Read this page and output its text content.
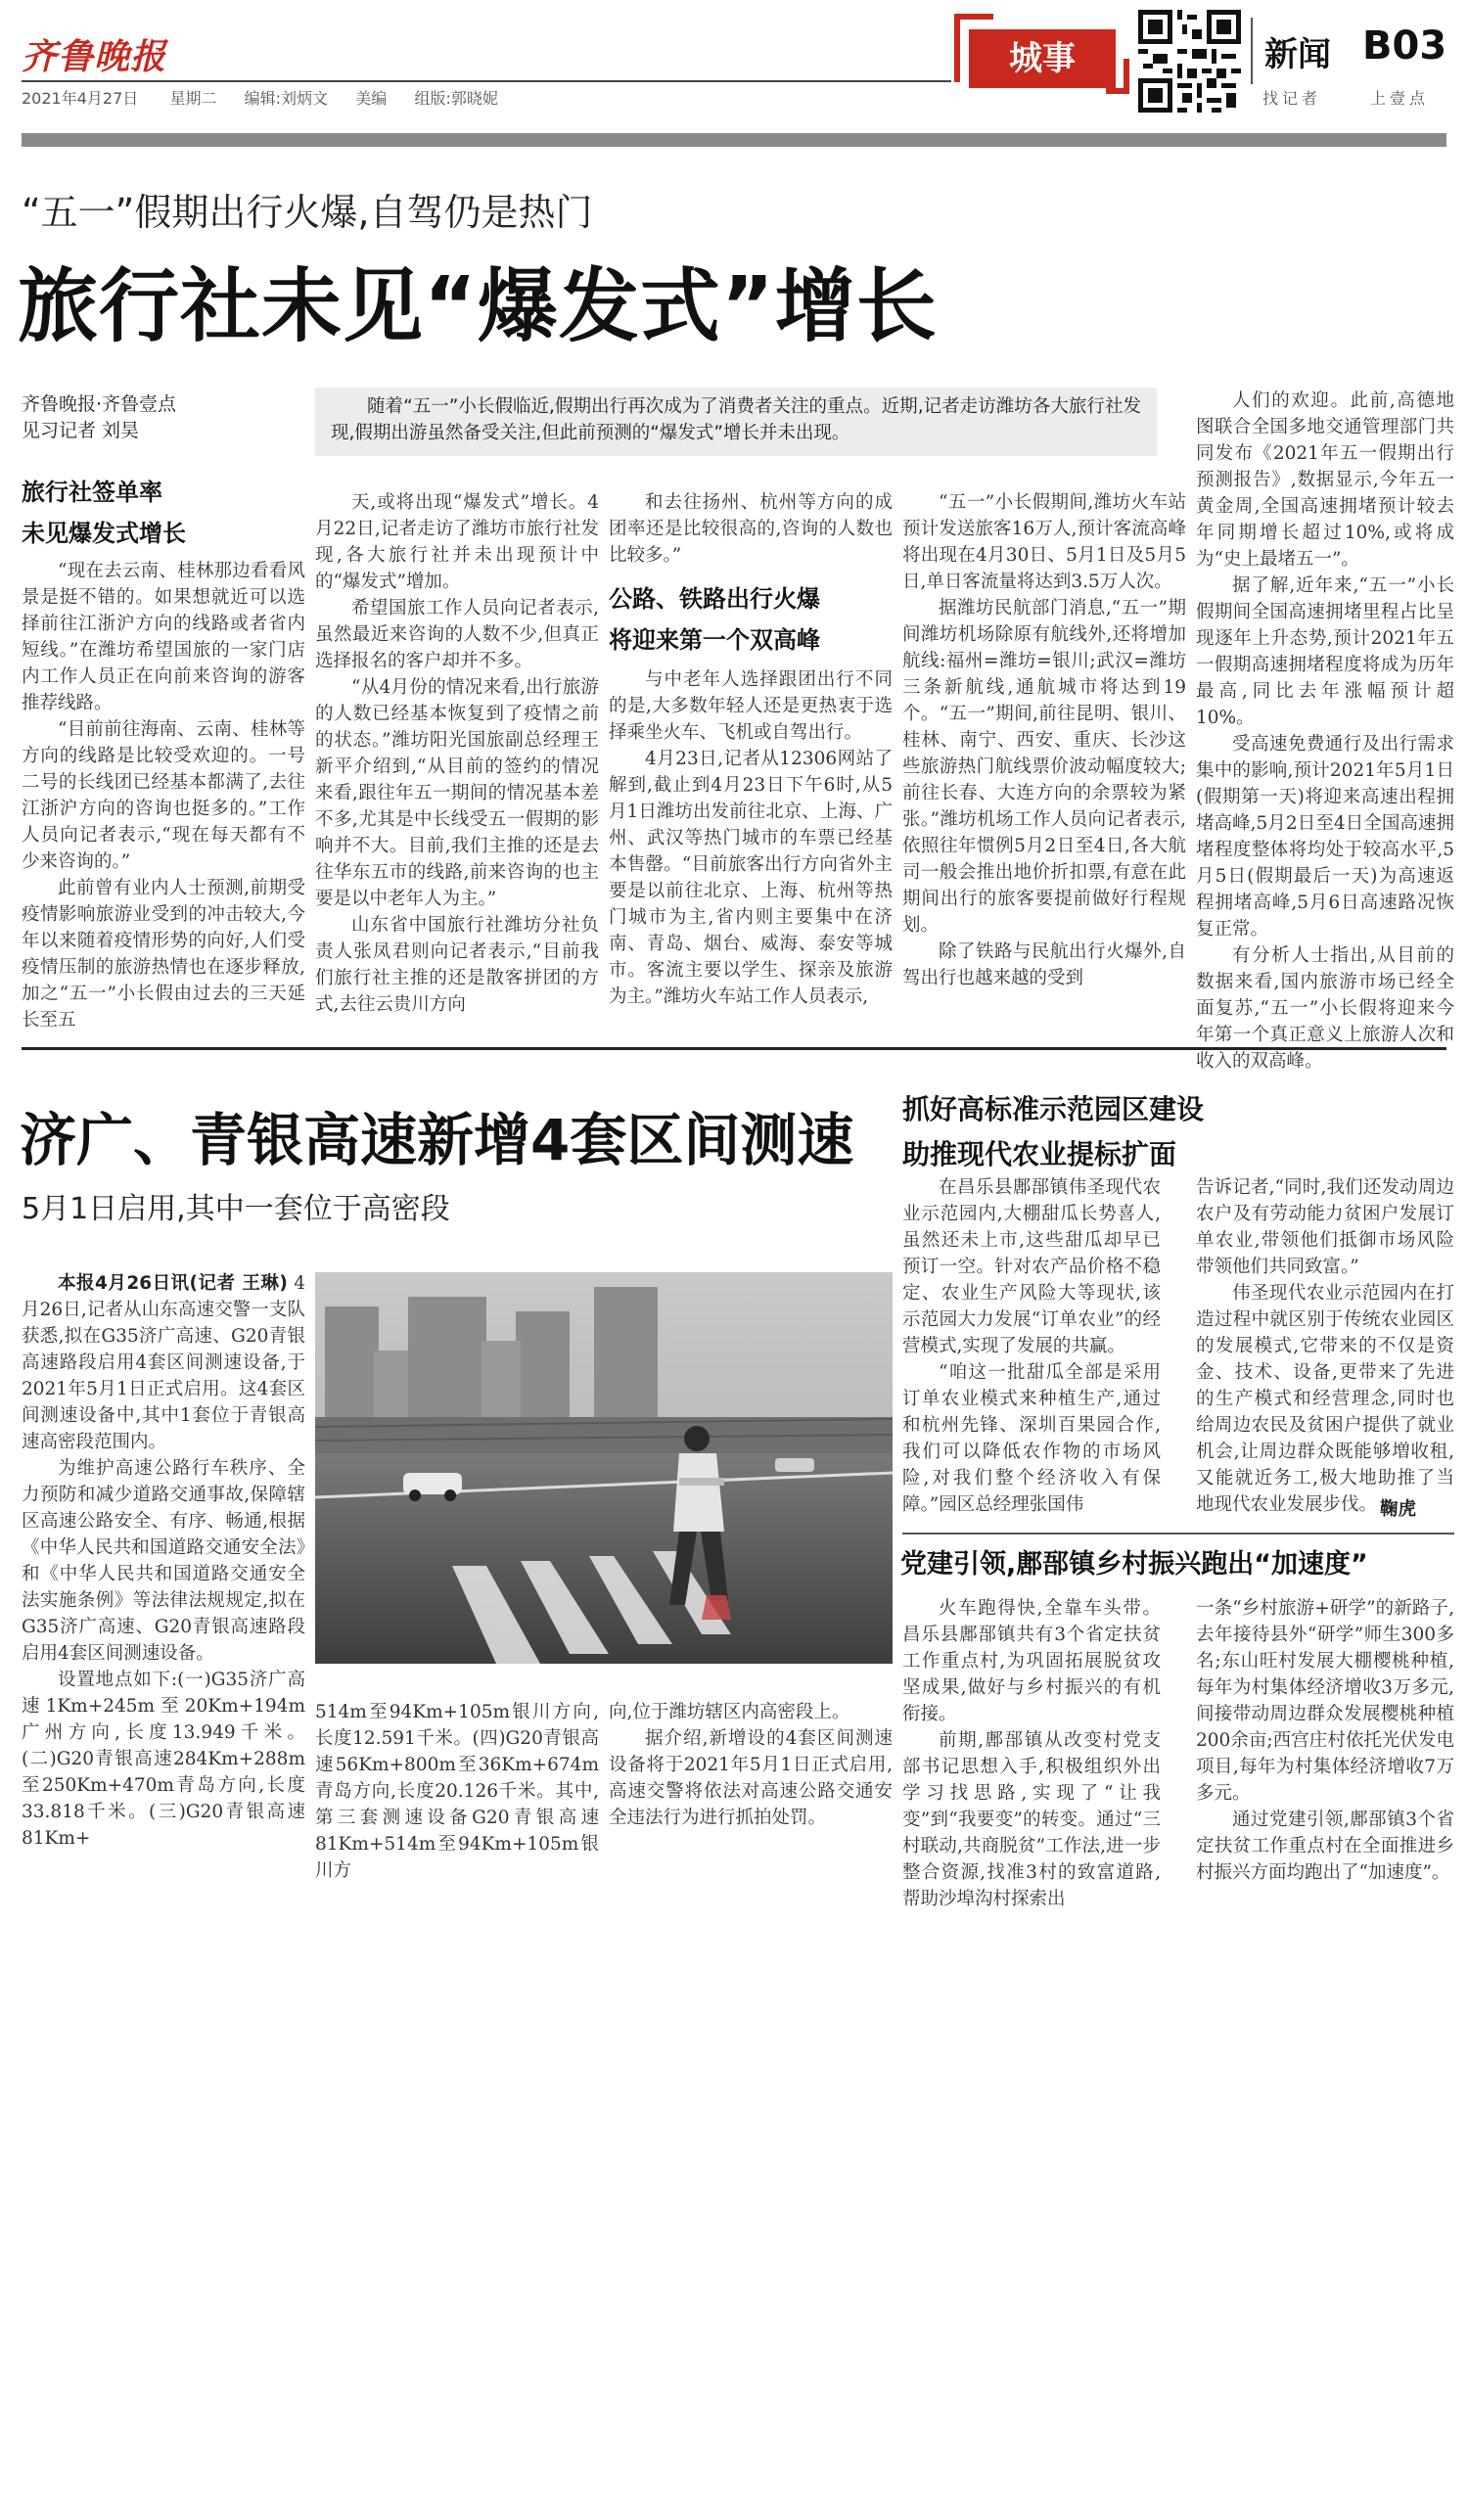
齐鲁晚报
2021年4月27日 星期二 编辑:刘炳文 美编 组版:郭晓妮
城事	新闻 B03
找记者	上壹点
“五一”假期出行火爆,自驾仍是热门
旅行社未见“爆发式”增长
齐鲁晚报·齐鲁壹点
见习记者 刘昊
随着“五一”小长假临近,假期出行再次成为了消费者关注的重点。近期,记者走访潍坊各大旅行社发现,假期出游虽然备受关注,但此前预测的“爆发式”增长并未出现。
旅行社签单率
未见爆发式增长

“现在去云南、桂林那边看看风景是挺不错的。如果想就近可以选择前往江浙沪方向的线路或者省内短线。”在潍坊希望国旅的一家门店内工作人员正在向前来咨询的游客推荐线路。

“目前前往海南、云南、桂林等方向的线路是比较受欢迎的。一号二号的长线团已经基本都满了,去往江浙沪方向的咨询也挺多的。”工作人员向记者表示,“现在每天都有不少来咨询的。”

此前曾有业内人士预测,前期受疫情影响旅游业受到的冲击较大,今年以来随着疫情形势的向好,人们受疫情压制的旅游热情也在逐步释放,加之“五一”小长假由过去的三天延长至五

天,或将出现“爆发式”增长。4月22日,记者走访了潍坊市旅行社发现,各大旅行社并未出现预计中的“爆发式”增加。

希望国旅工作人员向记者表示,虽然最近来咨询的人数不少,但真正选择报名的客户却并不多。

“从4月份的情况来看,出行旅游的人数已经基本恢复到了疫情之前的状态。”潍坊阳光国旅副总经理王新平介绍到,“从目前的签约的情况来看,跟往年五一期间的情况基本差不多,尤其是中长线受五一假期的影响并不大。目前,我们主推的还是去往华东五市的线路,前来咨询的也主要是以中老年人为主。”

山东省中国旅行社潍坊分社负责人张凤君则向记者表示,“目前我们旅行社主推的还是散客拼团的方式,去往云贵川方向

和去往扬州、杭州等方向的成团率还是比较很高的,咨询的人数也比较多。”

公路、铁路出行火爆
将迎来第一个双高峰

与中老年人选择跟团出行不同的是,大多数年轻人还是更热衷于选择乘坐火车、飞机或自驾出行。

4月23日,记者从12306网站了解到,截止到4月23日下午6时,从5月1日潍坊出发前往北京、上海、广州、武汉等热门城市的车票已经基本售罄。“目前旅客出行方向省外主要是以前往北京、上海、杭州等热门城市为主,省内则主要集中在济南、青岛、烟台、威海、泰安等城市。客流主要以学生、探亲及旅游为主。”潍坊火车站工作人员表示,

“五一”小长假期间,潍坊火车站预计发送旅客16万人,预计客流高峰将出现在4月30日、5月1日及5月5日,单日客流量将达到3.5万人次。

据潍坊民航部门消息,“五一”期间潍坊机场除原有航线外,还将增加航线:福州=潍坊=银川;武汉=潍坊三条新航线,通航城市将达到19个。“五一”期间,前往昆明、银川、桂林、南宁、西安、重庆、长沙这些旅游热门航线票价波动幅度较大;前往长春、大连方向的余票较为紧张。”潍坊机场工作人员向记者表示,依照往年惯例5月2日至4日,各大航司一般会推出地价折扣票,有意在此期间出行的旅客要提前做好行程规划。

除了铁路与民航出行火爆外,自驾出行也越来越的受到

人们的欢迎。此前,高德地图联合全国多地交通管理部门共同发布《2021年五一假期出行预测报告》,数据显示,今年五一黄金周,全国高速拥堵预计较去年同期增长超过10%,或将成为“史上最堵五一”。

据了解,近年来,“五一”小长假期间全国高速拥堵里程占比呈现逐年上升态势,预计2021年五一假期高速拥堵程度将成为历年最高,同比去年涨幅预计超10%。

受高速免费通行及出行需求集中的影响,预计2021年5月1日(假期第一天)将迎来高速出程拥堵高峰,5月2日至4日全国高速拥堵程度整体将均处于较高水平,5月5日(假期最后一天)为高速返程拥堵高峰,5月6日高速路况恢复正常。

有分析人士指出,从目前的数据来看,国内旅游市场已经全面复苏,“五一”小长假将迎来今年第一个真正意义上旅游人次和收入的双高峰。

济广、青银高速新增4套区间测速
5月1日启用,其中一套位于高密段

本报4月26日讯(记者 王琳) 4月26日,记者从山东高速交警一支队获悉,拟在G35济广高速、G20青银高速路段启用4套区间测速设备,于2021年5月1日正式启用。这4套区间测速设备中,其中1套位于青银高速高密段范围内。

为维护高速公路行车秩序、全力预防和减少道路交通事故,保障辖区高速公路安全、有序、畅通,根据《中华人民共和国道路交通安全法》和《中华人民共和国道路交通安全法实施条例》等法律法规规定,拟在G35济广高速、G20青银高速路段启用4套区间测速设备。

设置地点如下:(一)G35济广高速1Km+245m至20Km+194m广州方向,长度13.949千米。(二)G20青银高速284Km+288m至250Km+470m青岛方向,长度33.818千米。(三)G20青银高速81Km+

514m至94Km+105m银川方向,长度12.591千米。(四)G20青银高速56Km+800m至36Km+674m青岛方向,长度20.126千米。其中,第三套测速设备G20青银高速81Km+514m至94Km+105m银川方

向,位于潍坊辖区内高密段上。

据介绍,新增设的4套区间测速设备将于2021年5月1日正式启用,高速交警将依法对高速公路交通安全违法行为进行抓拍处罚。

抓好高标准示范园区建设
助推现代农业提标扩面

在昌乐县鄌郚镇伟圣现代农业示范园内,大棚甜瓜长势喜人,虽然还未上市,这些甜瓜却早已预订一空。针对农产品价格不稳定、农业生产风险大等现状,该示范园大力发展“订单农业”的经营模式,实现了发展的共赢。

“咱这一批甜瓜全部是采用订单农业模式来种植生产,通过和杭州先锋、深圳百果园合作,我们可以降低农作物的市场风险,对我们整个经济收入有保障。”园区总经理张国伟

告诉记者,“同时,我们还发动周边农户及有劳动能力贫困户发展订单农业,带领他们抵御市场风险带领他们共同致富。”

伟圣现代农业示范园内在打造过程中就区别于传统农业园区的发展模式,它带来的不仅是资金、技术、设备,更带来了先进的生产模式和经营理念,同时也给周边农民及贫困户提供了就业机会,让周边群众既能够増收租,又能就近务工,极大地助推了当地现代农业发展步伐。 鞠虎
党建引领,鄌郚镇乡村振兴跑出“加速度”

火车跑得快,全靠车头带。昌乐县鄌郚镇共有3个省定扶贫工作重点村,为巩固拓展脱贫攻坚成果,做好与乡村振兴的有机衔接。

前期,鄌郚镇从改变村党支部书记思想入手,积极组织外出学习找思路,实现了“让我变”到“我要变”的转变。通过“三村联动,共商脱贫”工作法,进一步整合资源,找准3村的致富道路,帮助沙埠沟村探索出

一条“乡村旅游+研学”的新路子,去年接待县外“研学”师生300多名;东山旺村发展大棚樱桃种植,每年为村集体经济增收3万多元,间接带动周边群众发展樱桃种植200余亩;西宫庄村依托光伏发电项目,每年为村集体经济增收7万多元。

通过党建引领,鄌郚镇3个省定扶贫工作重点村在全面推进乡村振兴方面均跑出了“加速度”。
